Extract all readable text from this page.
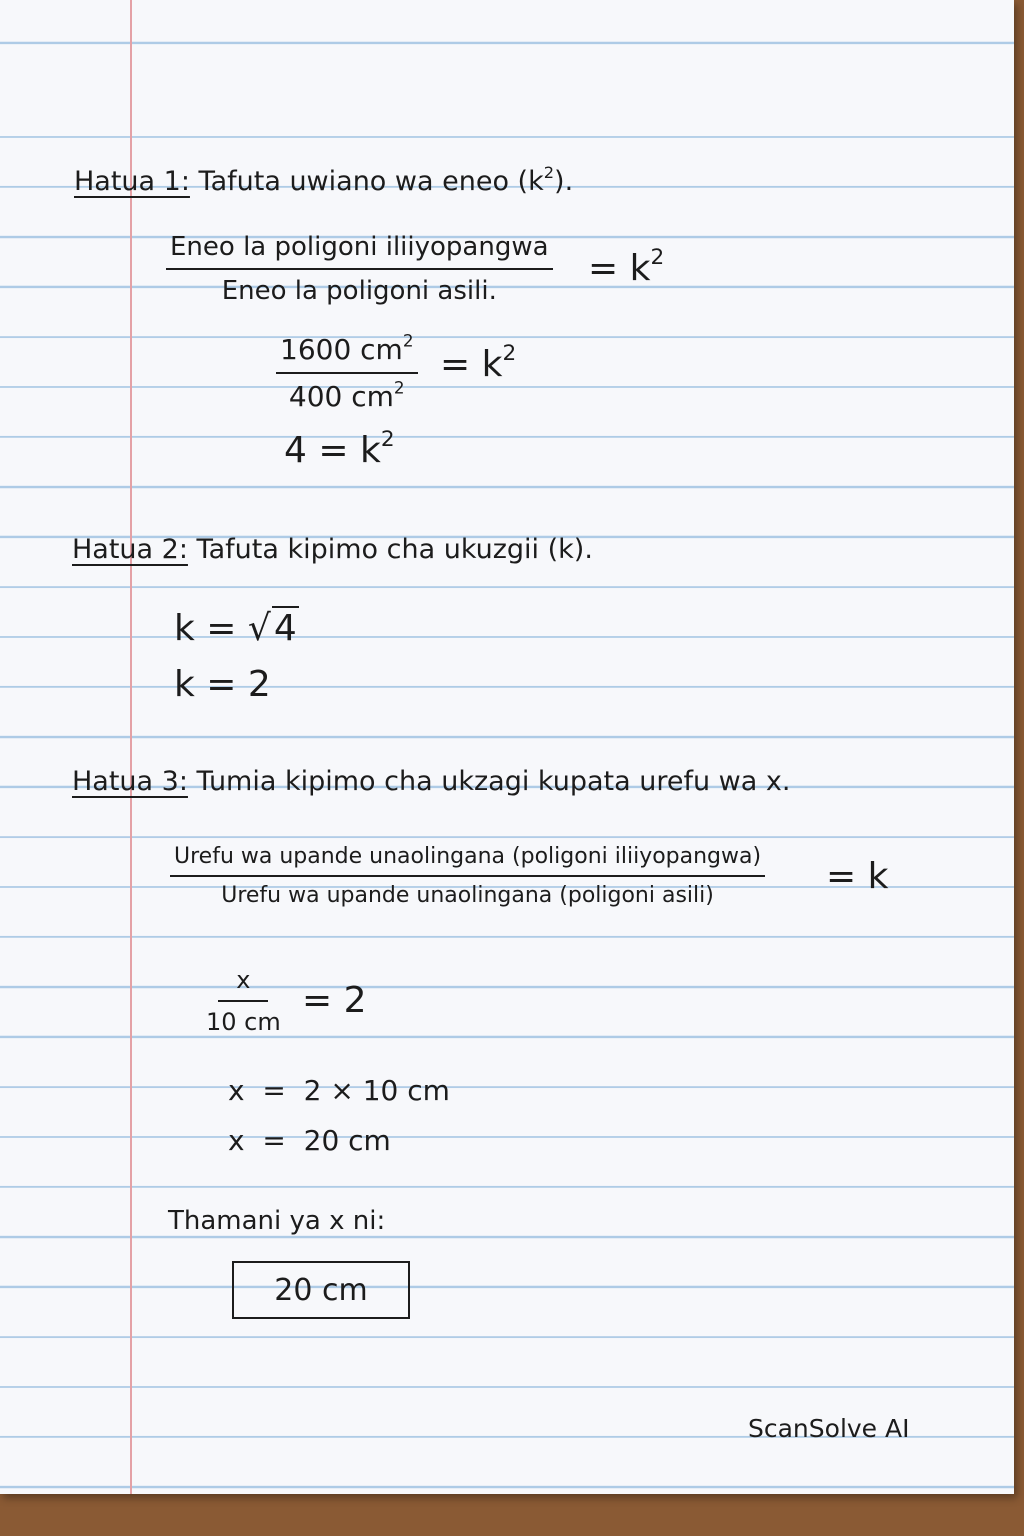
Hatua 1: Tafuta uwiano wa eneo $(k^2)$.
Eneo la poligoni iliiyopangwa
Eneo la poligoni asili.
= $k^2$
$\frac{1600 cm^2}{400 cm^2} = k^2$
$4 = k^2$
Hatua 2: Tafuta kipimo cha ukuzgii (k).
k = √4
k = 2
Hatua 3: Tumia kipimo cha ukzagi kupata urefu wa x.
Urefu wa upande unaolingana (poligoni iliiyopangwa)
Urefu wa upande unaolingana (poligoni asili)	= k
$\frac{x}{10 cm} = 2$
x  =  2 × 10 cm
x  =  20 cm
Thamani ya x ni:
20 cm
ScanSolve AI
